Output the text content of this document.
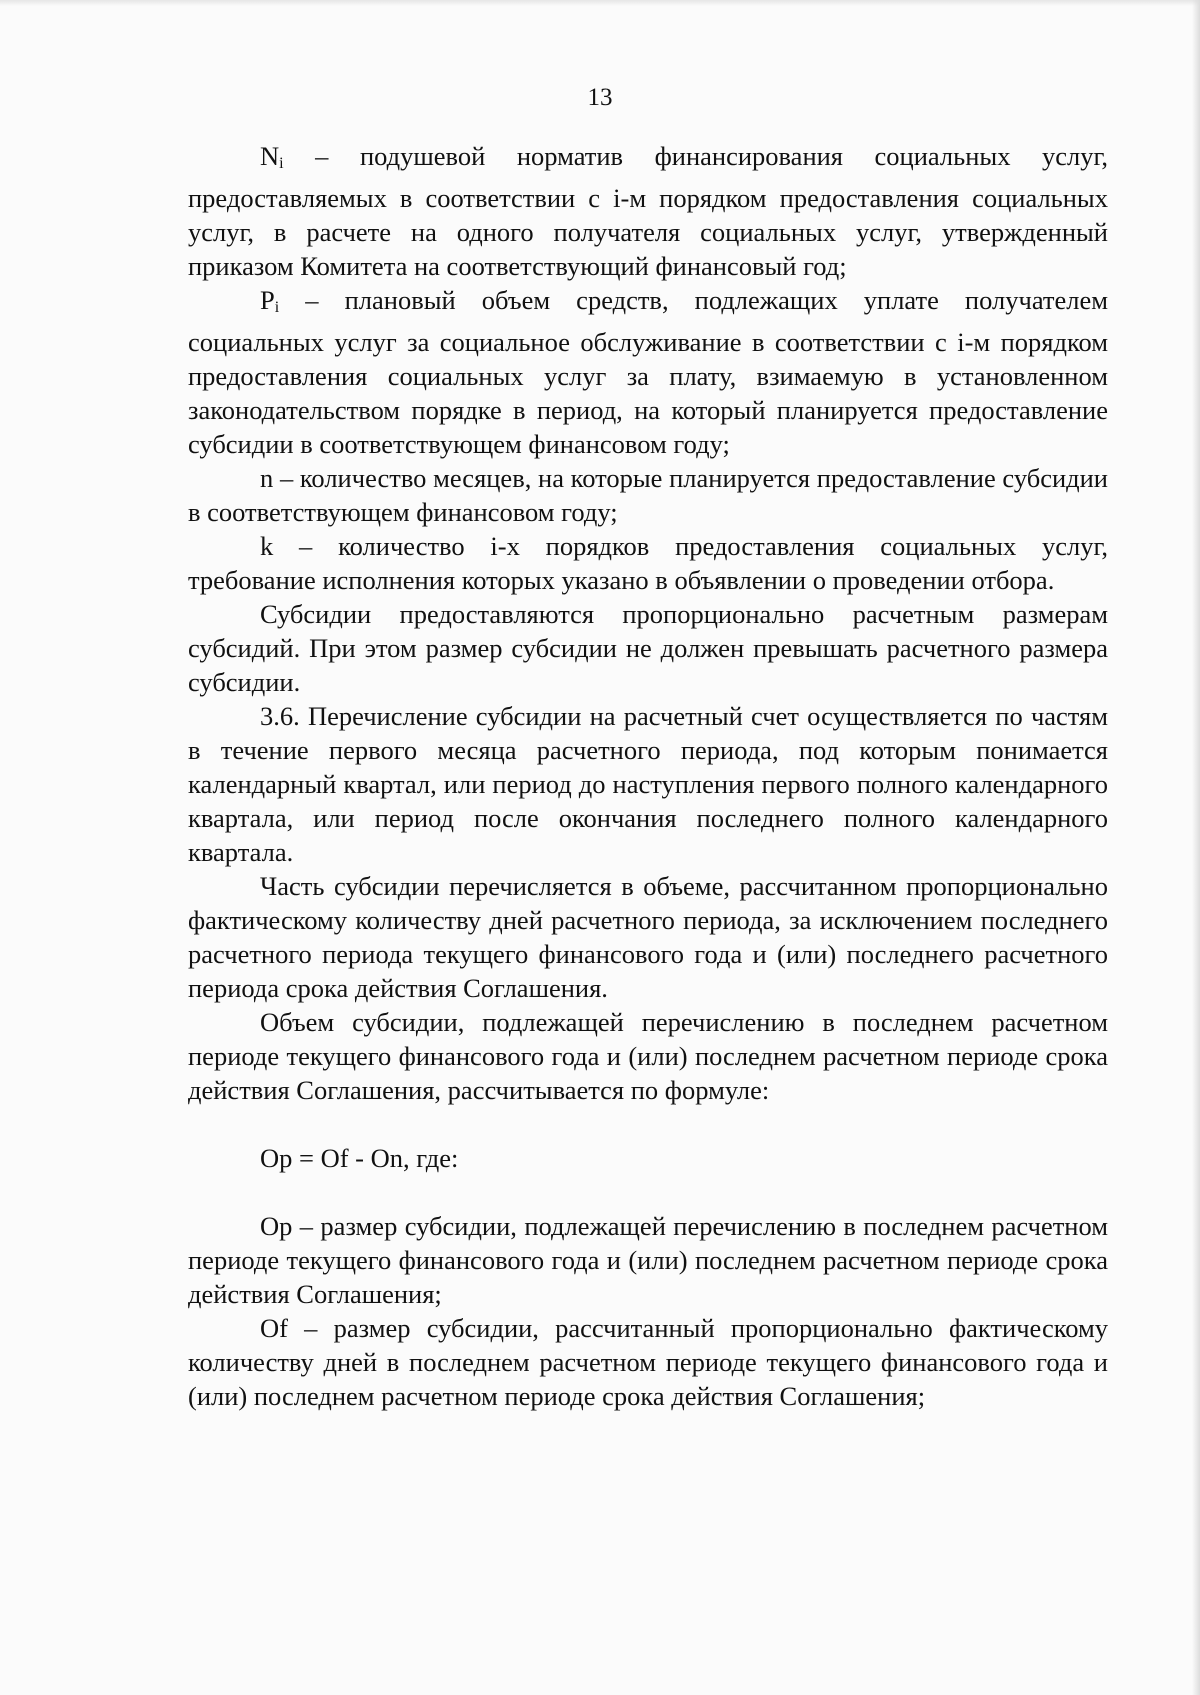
13

Ni – подушевой норматив финансирования социальных услуг, предоставляемых в соответствии с i-м порядком предоставления социальных услуг, в расчете на одного получателя социальных услуг, утвержденный приказом Комитета на соответствующий финансовый год;

Pi – плановый объем средств, подлежащих уплате получателем социальных услуг за социальное обслуживание в соответствии с i-м порядком предоставления социальных услуг за плату, взимаемую в установленном законодательством порядке в период, на который планируется предоставление субсидии в соответствующем финансовом году;

n – количество месяцев, на которые планируется предоставление субсидии в соответствующем финансовом году;

k – количество i-х порядков предоставления социальных услуг, требование исполнения которых указано в объявлении о проведении отбора.

Субсидии предоставляются пропорционально расчетным размерам субсидий. При этом размер субсидии не должен превышать расчетного размера субсидии.

3.6. Перечисление субсидии на расчетный счет осуществляется по частям в течение первого месяца расчетного периода, под которым понимается календарный квартал, или период до наступления первого полного календарного квартала, или период после окончания последнего полного календарного квартала.

Часть субсидии перечисляется в объеме, рассчитанном пропорционально фактическому количеству дней расчетного периода, за исключением последнего расчетного периода текущего финансового года и (или) последнего расчетного периода срока действия Соглашения.

Объем субсидии, подлежащей перечислению в последнем расчетном периоде текущего финансового года и (или) последнем расчетном периоде срока действия Соглашения, рассчитывается по формуле:

Op = Of - On, где:

Op – размер субсидии, подлежащей перечислению в последнем расчетном периоде текущего финансового года и (или) последнем расчетном периоде срока действия Соглашения;

Of – размер субсидии, рассчитанный пропорционально фактическому количеству дней в последнем расчетном периоде текущего финансового года и (или) последнем расчетном периоде срока действия Соглашения;
